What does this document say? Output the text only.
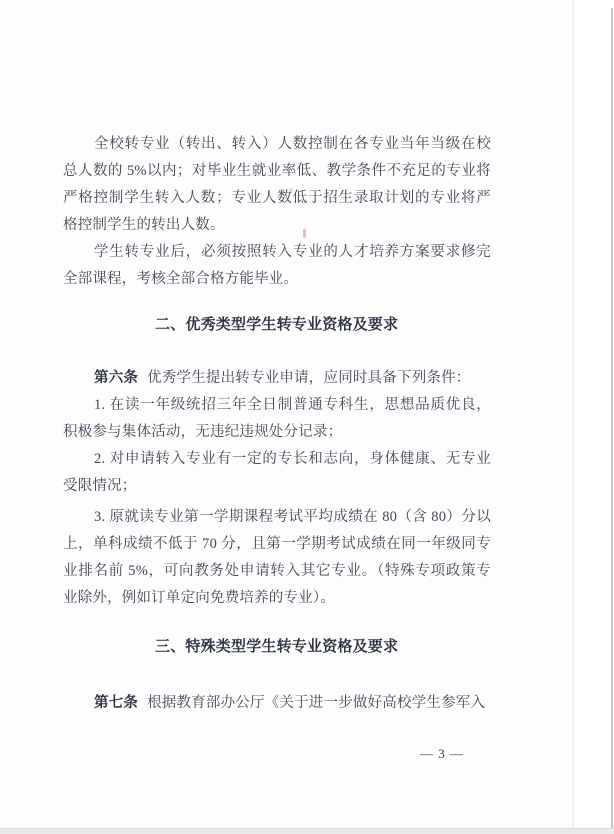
全校转专业（转出、转入）人数控制在各专业当年当级在校
总人数的 5%以内；对毕业生就业率低、教学条件不充足的专业将
严格控制学生转入人数；专业人数低于招生录取计划的专业将严
格控制学生的转出人数。
学生转专业后，必须按照转入专业的人才培养方案要求修完
全部课程，考核全部合格方能毕业。
二、优秀类型学生转专业资格及要求
第六条 优秀学生提出转专业申请，应同时具备下列条件：
1. 在读一年级统招三年全日制普通专科生，思想品质优良，
积极参与集体活动，无违纪违规处分记录；
2. 对申请转入专业有一定的专长和志向，身体健康、无专业
受限情况；
3. 原就读专业第一学期课程考试平均成绩在 80（含 80）分以
上，单科成绩不低于 70 分，且第一学期考试成绩在同一年级同专
业排名前 5%，可向教务处申请转入其它专业。（特殊专项政策专
业除外，例如订单定向免费培养的专业）。
三、特殊类型学生转专业资格及要求
第七条 根据教育部办公厅《关于进一步做好高校学生参军入
— 3 —
